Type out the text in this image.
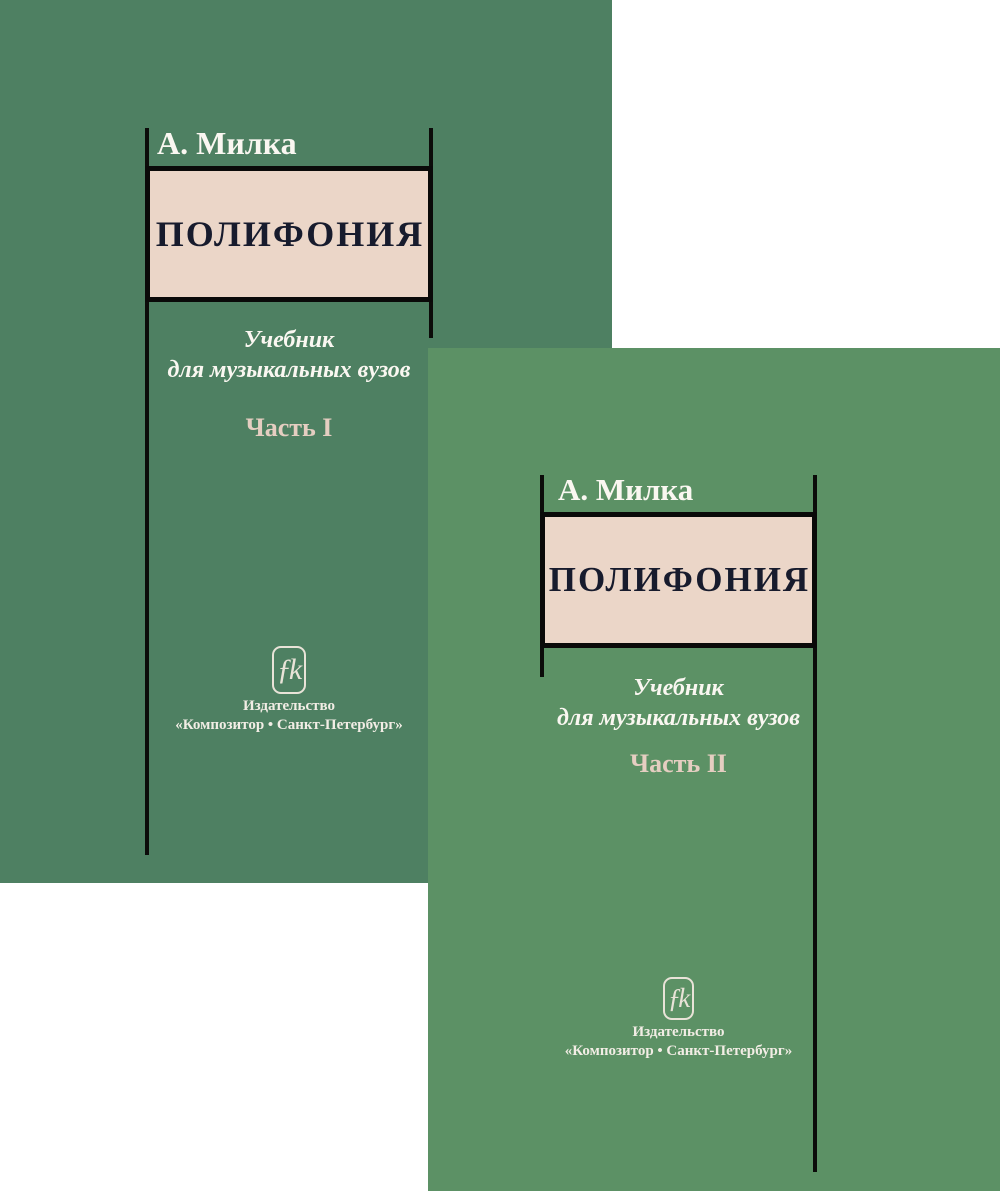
А. Милка
ПОЛИФОНИЯ
Учебник
для музыкальных вузов
Часть I
ƒk
Издательство
«Композитор • Санкт-Петербург»
А. Милка
ПОЛИФОНИЯ
Учебник
для музыкальных вузов
Часть II
ƒk
Издательство
«Композитор • Санкт-Петербург»
